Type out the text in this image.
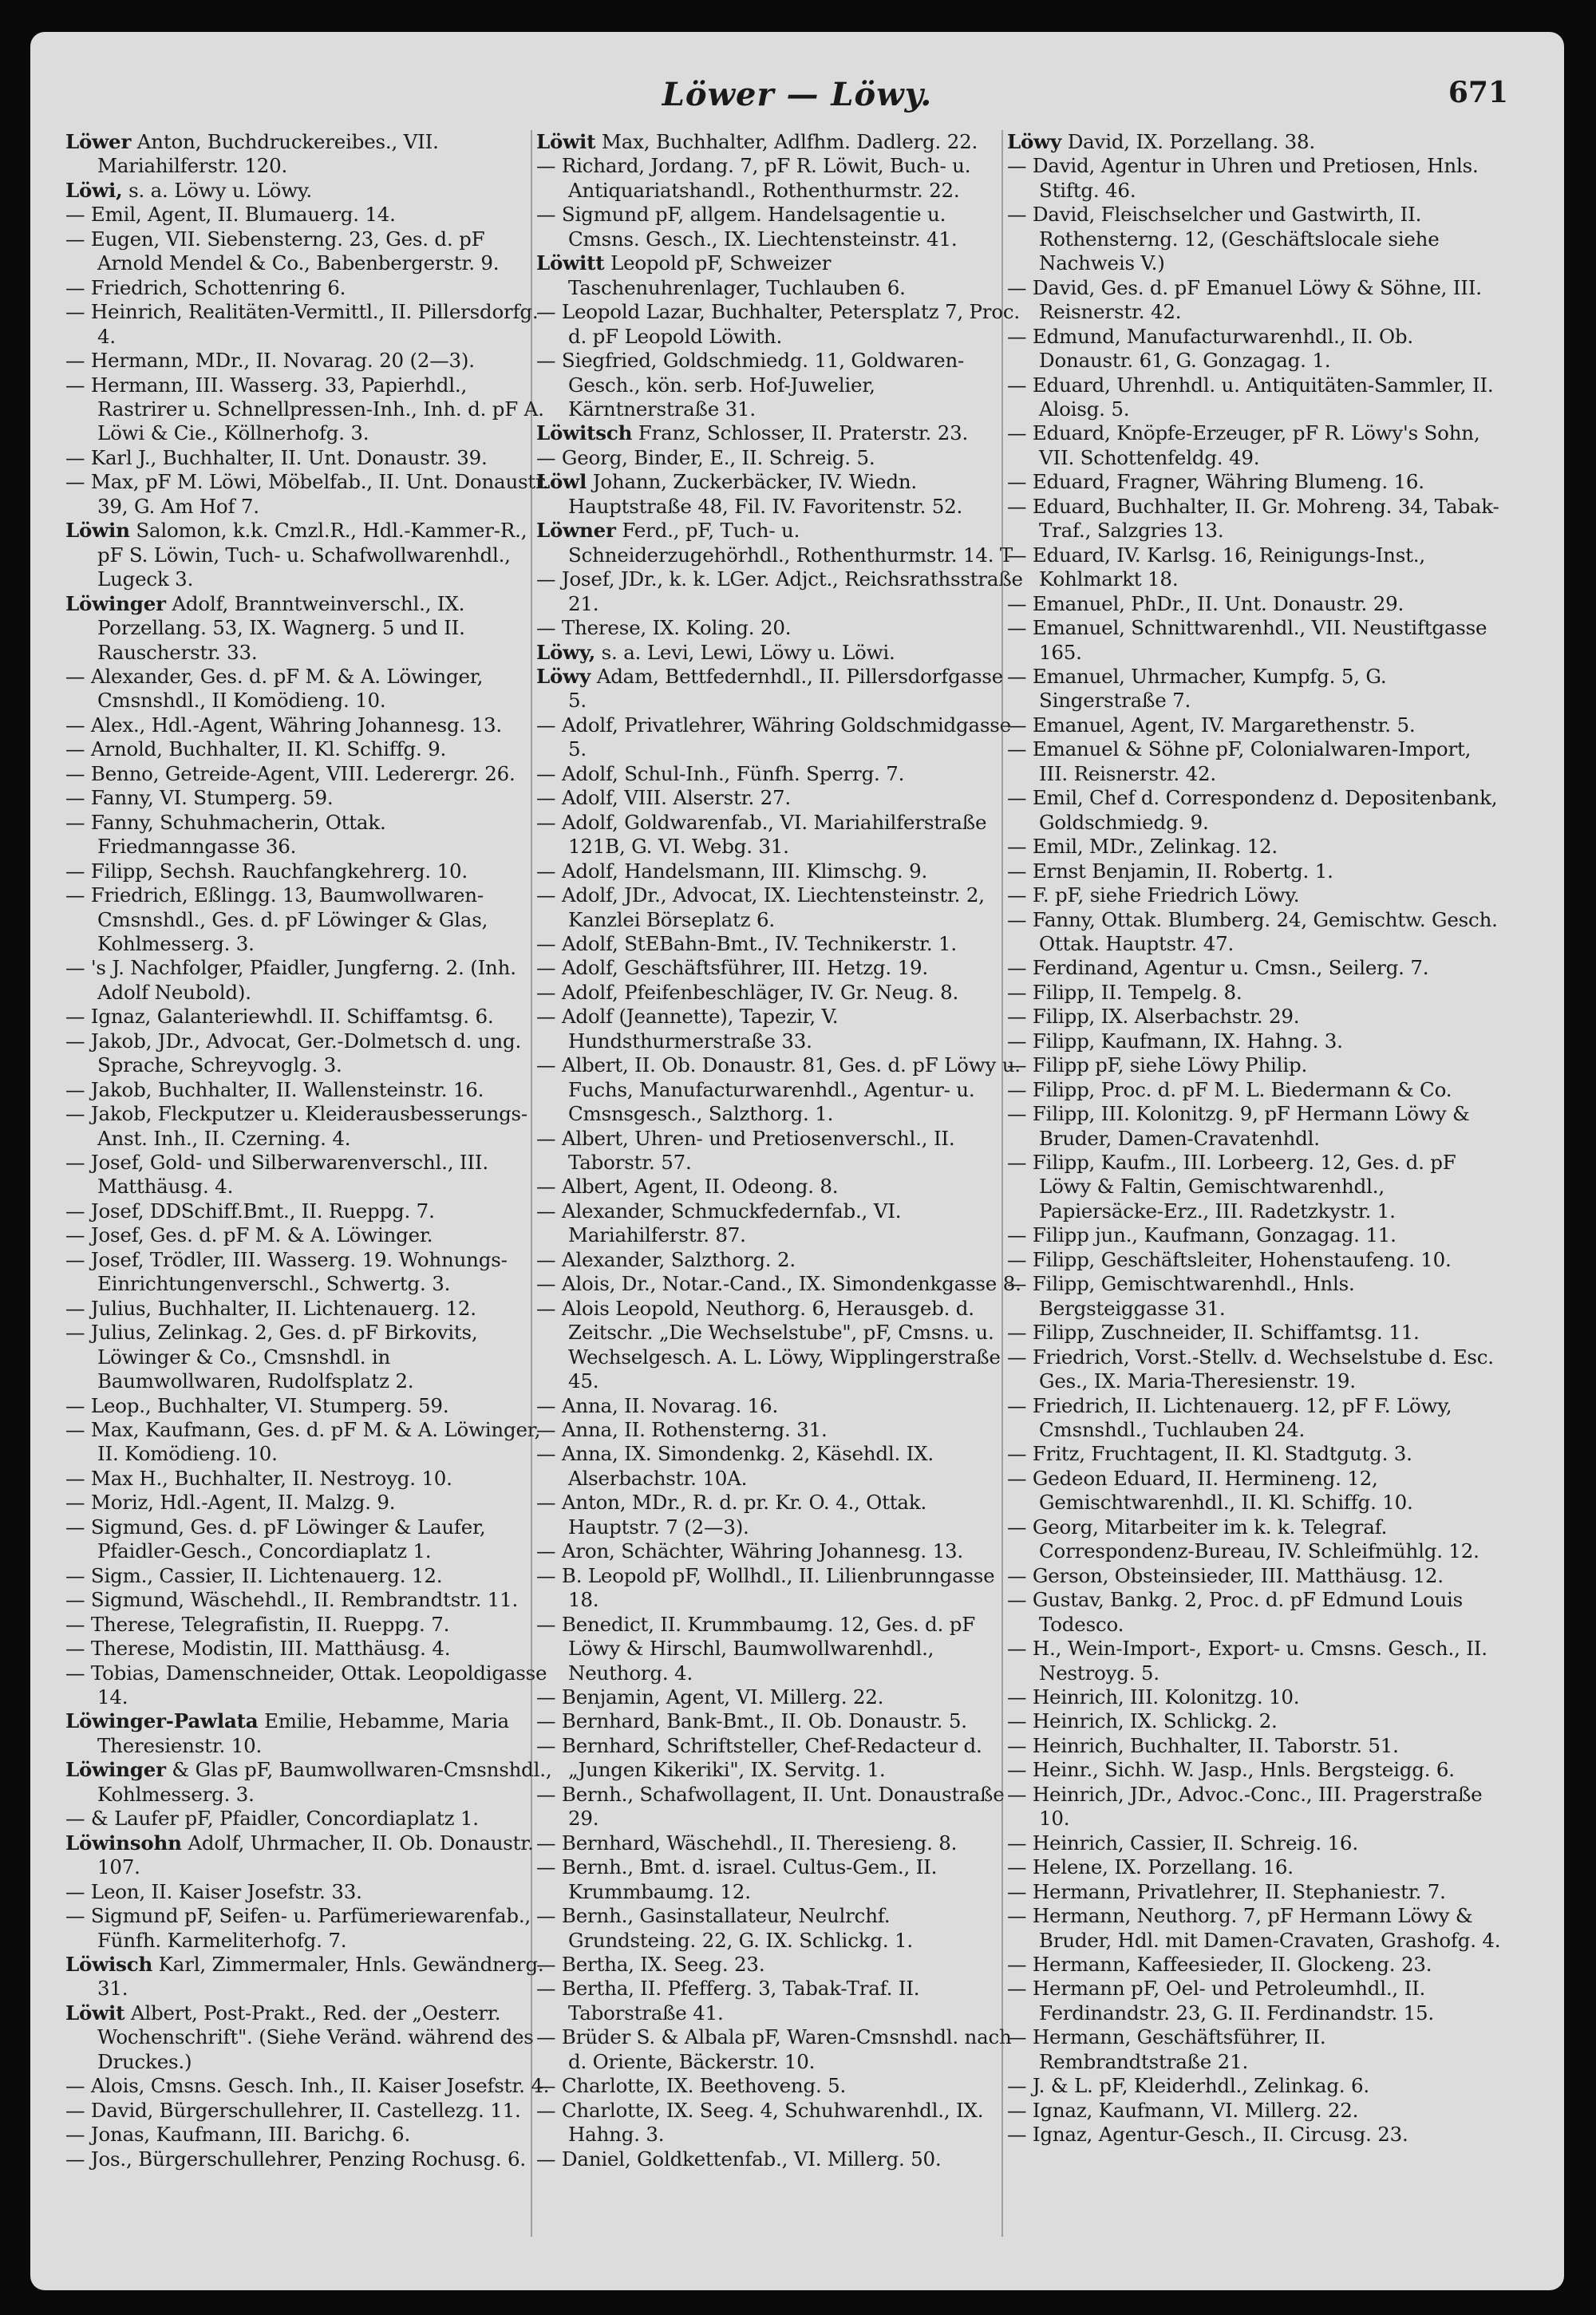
Löwer — Löwy.	671

Löwer Anton, Buchdruckereibes., VII. Mariahilferstr. 120.

Löwi, s. a. Löwy u. Löwy.

— Emil, Agent, II. Blumauerg. 14.

— Eugen, VII. Siebensterng. 23, Ges. d. pF Arnold Mendel & Co., Babenbergerstr. 9.

— Friedrich, Schottenring 6.

— Heinrich, Realitäten-Vermittl., II. Pillersdorfg. 4.

— Hermann, MDr., II. Novarag. 20 (2—3).

— Hermann, III. Wasserg. 33, Papierhdl., Rastrirer u. Schnellpressen-Inh., Inh. d. pF A. Löwi & Cie., Köllnerhofg. 3.

— Karl J., Buchhalter, II. Unt. Donaustr. 39.

— Max, pF M. Löwi, Möbelfab., II. Unt. Donaustr. 39, G. Am Hof 7.

Löwin Salomon, k.k. Cmzl.R., Hdl.-Kammer-R., pF S. Löwin, Tuch- u. Schafwollwarenhdl., Lugeck 3.

Löwinger Adolf, Branntweinverschl., IX. Porzellang. 53, IX. Wagnerg. 5 und II. Rauscherstr. 33.

— Alexander, Ges. d. pF M. & A. Löwinger, Cmsnshdl., II Komödieng. 10.

— Alex., Hdl.-Agent, Währing Johannesg. 13.

— Arnold, Buchhalter, II. Kl. Schiffg. 9.

— Benno, Getreide-Agent, VIII. Lederergr. 26.

— Fanny, VI. Stumperg. 59.

— Fanny, Schuhmacherin, Ottak. Friedmanngasse 36.

— Filipp, Sechsh. Rauchfangkehrerg. 10.

— Friedrich, Eßlingg. 13, Baumwollwaren-Cmsnshdl., Ges. d. pF Löwinger & Glas, Kohlmesserg. 3.

— 's J. Nachfolger, Pfaidler, Jungferng. 2. (Inh. Adolf Neubold).

— Ignaz, Galanteriewhdl. II. Schiffamtsg. 6.

— Jakob, JDr., Advocat, Ger.-Dolmetsch d. ung. Sprache, Schreyvoglg. 3.

— Jakob, Buchhalter, II. Wallensteinstr. 16.

— Jakob, Fleckputzer u. Kleiderausbesserungs-Anst. Inh., II. Czerning. 4.

— Josef, Gold- und Silberwarenverschl., III. Matthäusg. 4.

— Josef, DDSchiff.Bmt., II. Rueppg. 7.

— Josef, Ges. d. pF M. & A. Löwinger.

— Josef, Trödler, III. Wasserg. 19. Wohnungs-Einrichtungenverschl., Schwertg. 3.

— Julius, Buchhalter, II. Lichtenauerg. 12.

— Julius, Zelinkag. 2, Ges. d. pF Birkovits, Löwinger & Co., Cmsnshdl. in Baumwollwaren, Rudolfsplatz 2.

— Leop., Buchhalter, VI. Stumperg. 59.

— Max, Kaufmann, Ges. d. pF M. & A. Löwinger, II. Komödieng. 10.

— Max H., Buchhalter, II. Nestroyg. 10.

— Moriz, Hdl.-Agent, II. Malzg. 9.

— Sigmund, Ges. d. pF Löwinger & Laufer, Pfaidler-Gesch., Concordiaplatz 1.

— Sigm., Cassier, II. Lichtenauerg. 12.

— Sigmund, Wäschehdl., II. Rembrandtstr. 11.

— Therese, Telegrafistin, II. Rueppg. 7.

— Therese, Modistin, III. Matthäusg. 4.

— Tobias, Damenschneider, Ottak. Leopoldigasse 14.

Löwinger-Pawlata Emilie, Hebamme, Maria Theresienstr. 10.

Löwinger & Glas pF, Baumwollwaren-Cmsnshdl., Kohlmesserg. 3.

— & Laufer pF, Pfaidler, Concordiaplatz 1.

Löwinsohn Adolf, Uhrmacher, II. Ob. Donaustr. 107.

— Leon, II. Kaiser Josefstr. 33.

— Sigmund pF, Seifen- u. Parfümeriewarenfab., Fünfh. Karmeliterhofg. 7.

Löwisch Karl, Zimmermaler, Hnls. Gewändnerg. 31.

Löwit Albert, Post-Prakt., Red. der „Oesterr. Wochenschrift". (Siehe Veränd. während des Druckes.)

— Alois, Cmsns. Gesch. Inh., II. Kaiser Josefstr. 4.

— David, Bürgerschullehrer, II. Castellezg. 11.

— Jonas, Kaufmann, III. Barichg. 6.

— Jos., Bürgerschullehrer, Penzing Rochusg. 6.

Löwit Max, Buchhalter, Adlfhm. Dadlerg. 22.

— Richard, Jordang. 7, pF R. Löwit, Buch- u. Antiquariatshandl., Rothenthurmstr. 22.

— Sigmund pF, allgem. Handelsagentie u. Cmsns. Gesch., IX. Liechtensteinstr. 41.

Löwitt Leopold pF, Schweizer Taschenuhrenlager, Tuchlauben 6.

— Leopold Lazar, Buchhalter, Petersplatz 7, Proc. d. pF Leopold Löwith.

— Siegfried, Goldschmiedg. 11, Goldwaren-Gesch., kön. serb. Hof-Juwelier, Kärntnerstraße 31.

Löwitsch Franz, Schlosser, II. Praterstr. 23.

— Georg, Binder, E., II. Schreig. 5.

Löwl Johann, Zuckerbäcker, IV. Wiedn. Hauptstraße 48, Fil. IV. Favoritenstr. 52.

Löwner Ferd., pF, Tuch- u. Schneiderzugehörhdl., Rothenthurmstr. 14. T

— Josef, JDr., k. k. LGer. Adjct., Reichsrathsstraße 21.

— Therese, IX. Koling. 20.

Löwy, s. a. Levi, Lewi, Löwy u. Löwi.

Löwy Adam, Bettfedernhdl., II. Pillersdorfgasse 5.

— Adolf, Privatlehrer, Währing Goldschmidgasse 5.

— Adolf, Schul-Inh., Fünfh. Sperrg. 7.

— Adolf, VIII. Alserstr. 27.

— Adolf, Goldwarenfab., VI. Mariahilferstraße 121B, G. VI. Webg. 31.

— Adolf, Handelsmann, III. Klimschg. 9.

— Adolf, JDr., Advocat, IX. Liechtensteinstr. 2, Kanzlei Börseplatz 6.

— Adolf, StEBahn-Bmt., IV. Technikerstr. 1.

— Adolf, Geschäftsführer, III. Hetzg. 19.

— Adolf, Pfeifenbeschläger, IV. Gr. Neug. 8.

— Adolf (Jeannette), Tapezir, V. Hundsthurmerstraße 33.

— Albert, II. Ob. Donaustr. 81, Ges. d. pF Löwy u. Fuchs, Manufacturwarenhdl., Agentur- u. Cmsnsgesch., Salzthorg. 1.

— Albert, Uhren- und Pretiosenverschl., II. Taborstr. 57.

— Albert, Agent, II. Odeong. 8.

— Alexander, Schmuckfedernfab., VI. Mariahilferstr. 87.

— Alexander, Salzthorg. 2.

— Alois, Dr., Notar.-Cand., IX. Simondenkgasse 8.

— Alois Leopold, Neuthorg. 6, Herausgeb. d. Zeitschr. „Die Wechselstube", pF, Cmsns. u. Wechselgesch. A. L. Löwy, Wipplingerstraße 45.

— Anna, II. Novarag. 16.

— Anna, II. Rothensterng. 31.

— Anna, IX. Simondenkg. 2, Käsehdl. IX. Alserbachstr. 10A.

— Anton, MDr., R. d. pr. Kr. O. 4., Ottak. Hauptstr. 7 (2—3).

— Aron, Schächter, Währing Johannesg. 13.

— B. Leopold pF, Wollhdl., II. Lilienbrunngasse 18.

— Benedict, II. Krummbaumg. 12, Ges. d. pF Löwy & Hirschl, Baumwollwarenhdl., Neuthorg. 4.

— Benjamin, Agent, VI. Millerg. 22.

— Bernhard, Bank-Bmt., II. Ob. Donaustr. 5.

— Bernhard, Schriftsteller, Chef-Redacteur d. „Jungen Kikeriki", IX. Servitg. 1.

— Bernh., Schafwollagent, II. Unt. Donaustraße 29.

— Bernhard, Wäschehdl., II. Theresieng. 8.

— Bernh., Bmt. d. israel. Cultus-Gem., II. Krummbaumg. 12.

— Bernh., Gasinstallateur, Neulrchf. Grundsteing. 22, G. IX. Schlickg. 1.

— Bertha, IX. Seeg. 23.

— Bertha, II. Pfefferg. 3, Tabak-Traf. II. Taborstraße 41.

— Brüder S. & Albala pF, Waren-Cmsnshdl. nach d. Oriente, Bäckerstr. 10.

— Charlotte, IX. Beethoveng. 5.

— Charlotte, IX. Seeg. 4, Schuhwarenhdl., IX. Hahng. 3.

— Daniel, Goldkettenfab., VI. Millerg. 50.

Löwy David, IX. Porzellang. 38.

— David, Agentur in Uhren und Pretiosen, Hnls. Stiftg. 46.

— David, Fleischselcher und Gastwirth, II. Rothensterng. 12, (Geschäftslocale siehe Nachweis V.)

— David, Ges. d. pF Emanuel Löwy & Söhne, III. Reisnerstr. 42.

— Edmund, Manufacturwarenhdl., II. Ob. Donaustr. 61, G. Gonzagag. 1.

— Eduard, Uhrenhdl. u. Antiquitäten-Sammler, II. Aloisg. 5.

— Eduard, Knöpfe-Erzeuger, pF R. Löwy's Sohn, VII. Schottenfeldg. 49.

— Eduard, Fragner, Währing Blumeng. 16.

— Eduard, Buchhalter, II. Gr. Mohreng. 34, Tabak-Traf., Salzgries 13.

— Eduard, IV. Karlsg. 16, Reinigungs-Inst., Kohlmarkt 18.

— Emanuel, PhDr., II. Unt. Donaustr. 29.

— Emanuel, Schnittwarenhdl., VII. Neustiftgasse 165.

— Emanuel, Uhrmacher, Kumpfg. 5, G. Singerstraße 7.

— Emanuel, Agent, IV. Margarethenstr. 5.

— Emanuel & Söhne pF, Colonialwaren-Import, III. Reisnerstr. 42.

— Emil, Chef d. Correspondenz d. Depositenbank, Goldschmiedg. 9.

— Emil, MDr., Zelinkag. 12.

— Ernst Benjamin, II. Robertg. 1.

— F. pF, siehe Friedrich Löwy.

— Fanny, Ottak. Blumberg. 24, Gemischtw. Gesch. Ottak. Hauptstr. 47.

— Ferdinand, Agentur u. Cmsn., Seilerg. 7.

— Filipp, II. Tempelg. 8.

— Filipp, IX. Alserbachstr. 29.

— Filipp, Kaufmann, IX. Hahng. 3.

— Filipp pF, siehe Löwy Philip.

— Filipp, Proc. d. pF M. L. Biedermann & Co.

— Filipp, III. Kolonitzg. 9, pF Hermann Löwy & Bruder, Damen-Cravatenhdl.

— Filipp, Kaufm., III. Lorbeerg. 12, Ges. d. pF Löwy & Faltin, Gemischtwarenhdl., Papiersäcke-Erz., III. Radetzkystr. 1.

— Filipp jun., Kaufmann, Gonzagag. 11.

— Filipp, Geschäftsleiter, Hohenstaufeng. 10.

— Filipp, Gemischtwarenhdl., Hnls. Bergsteiggasse 31.

— Filipp, Zuschneider, II. Schiffamtsg. 11.

— Friedrich, Vorst.-Stellv. d. Wechselstube d. Esc. Ges., IX. Maria-Theresienstr. 19.

— Friedrich, II. Lichtenauerg. 12, pF F. Löwy, Cmsnshdl., Tuchlauben 24.

— Fritz, Fruchtagent, II. Kl. Stadtgutg. 3.

— Gedeon Eduard, II. Hermineng. 12, Gemischtwarenhdl., II. Kl. Schiffg. 10.

— Georg, Mitarbeiter im k. k. Telegraf. Correspondenz-Bureau, IV. Schleifmühlg. 12.

— Gerson, Obsteinsieder, III. Matthäusg. 12.

— Gustav, Bankg. 2, Proc. d. pF Edmund Louis Todesco.

— H., Wein-Import-, Export- u. Cmsns. Gesch., II. Nestroyg. 5.

— Heinrich, III. Kolonitzg. 10.

— Heinrich, IX. Schlickg. 2.

— Heinrich, Buchhalter, II. Taborstr. 51.

— Heinr., Sichh. W. Jasp., Hnls. Bergsteigg. 6.

— Heinrich, JDr., Advoc.-Conc., III. Pragerstraße 10.

— Heinrich, Cassier, II. Schreig. 16.

— Helene, IX. Porzellang. 16.

— Hermann, Privatlehrer, II. Stephaniestr. 7.

— Hermann, Neuthorg. 7, pF Hermann Löwy & Bruder, Hdl. mit Damen-Cravaten, Grashofg. 4.

— Hermann, Kaffeesieder, II. Glockeng. 23.

— Hermann pF, Oel- und Petroleumhdl., II. Ferdinandstr. 23, G. II. Ferdinandstr. 15.

— Hermann, Geschäftsführer, II. Rembrandtstraße 21.

— J. & L. pF, Kleiderhdl., Zelinkag. 6.

— Ignaz, Kaufmann, VI. Millerg. 22.

— Ignaz, Agentur-Gesch., II. Circusg. 23.
